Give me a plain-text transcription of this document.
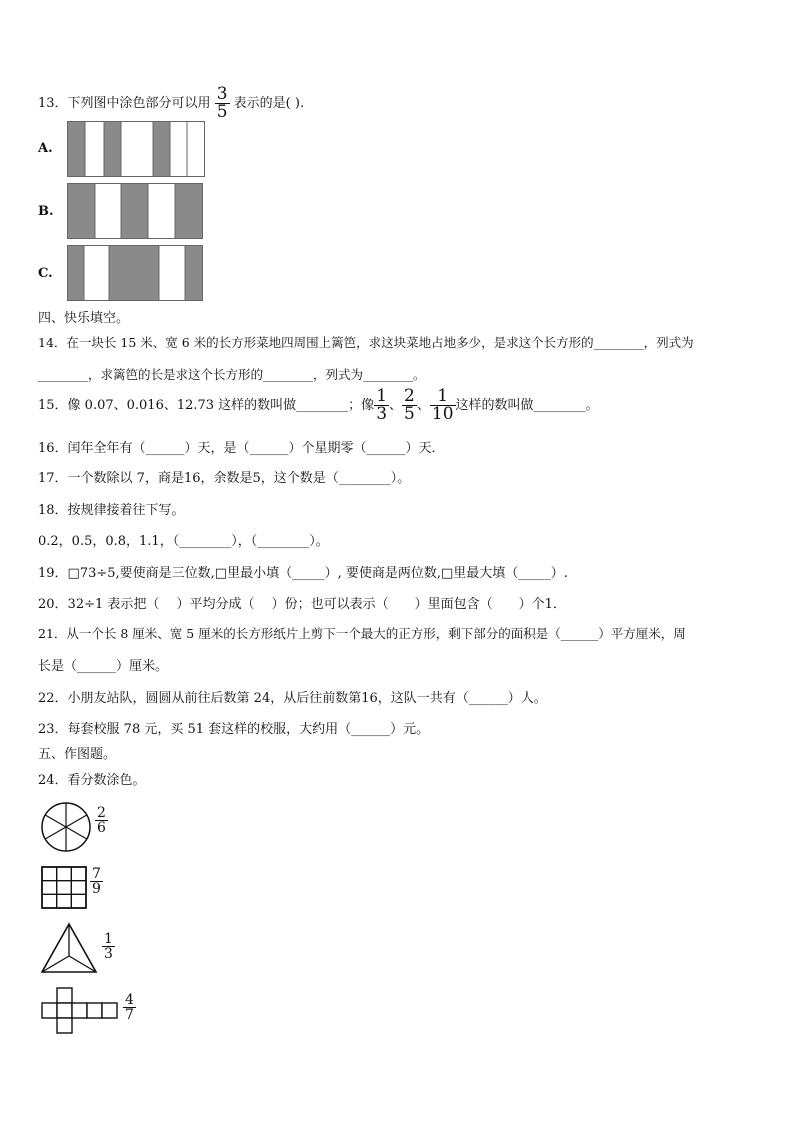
13．下列图中涂色部分可以用 $\frac{3}{5}$ 表示的是( ).
A.
B.
C.
四、快乐填空。
14．在一块长 15 米、宽 6 米的长方形菜地四周围上篱笆，求这块菜地占地多少，是求这个长方形的________，列式为
________，求篱笆的长是求这个长方形的________，列式为________。
15．像 0.07、0.016、12.73 这样的数叫做________；像 $\frac{1}{3}$ 、 $\frac{2}{5}$ 、 $\frac{1}{10}$ 这样的数叫做________。
16．闰年全年有（______）天，是（______）个星期零（______）天．
17．一个数除以 7，商是16，余数是5，这个数是（________）。
18．按规律接着往下写。
0.2，0.5，0.8，1.1，（________），（________）。
19．□73÷5,要使商是三位数,□里最小填（_____）, 要使商是两位数,□里最大填（_____）.
20．32÷1 表示把（　 ）平均分成（　 ）份；也可以表示（　　）里面包含（　　）个1．
21．从一个长 8 厘米、宽 5 厘米的长方形纸片上剪下一个最大的正方形，剩下部分的面积是（______）平方厘米，周
长是（______）厘米。
22．小朋友站队，圆圆从前往后数第 24，从后往前数第16，这队一共有（______）人。
23．每套校服 78 元，买 51 套这样的校服，大约用（______）元。
五、作图题。
24．看分数涂色。
$\frac{2}{6}$
$\frac{7}{9}$
$\frac{1}{3}$
$\frac{4}{7}$
